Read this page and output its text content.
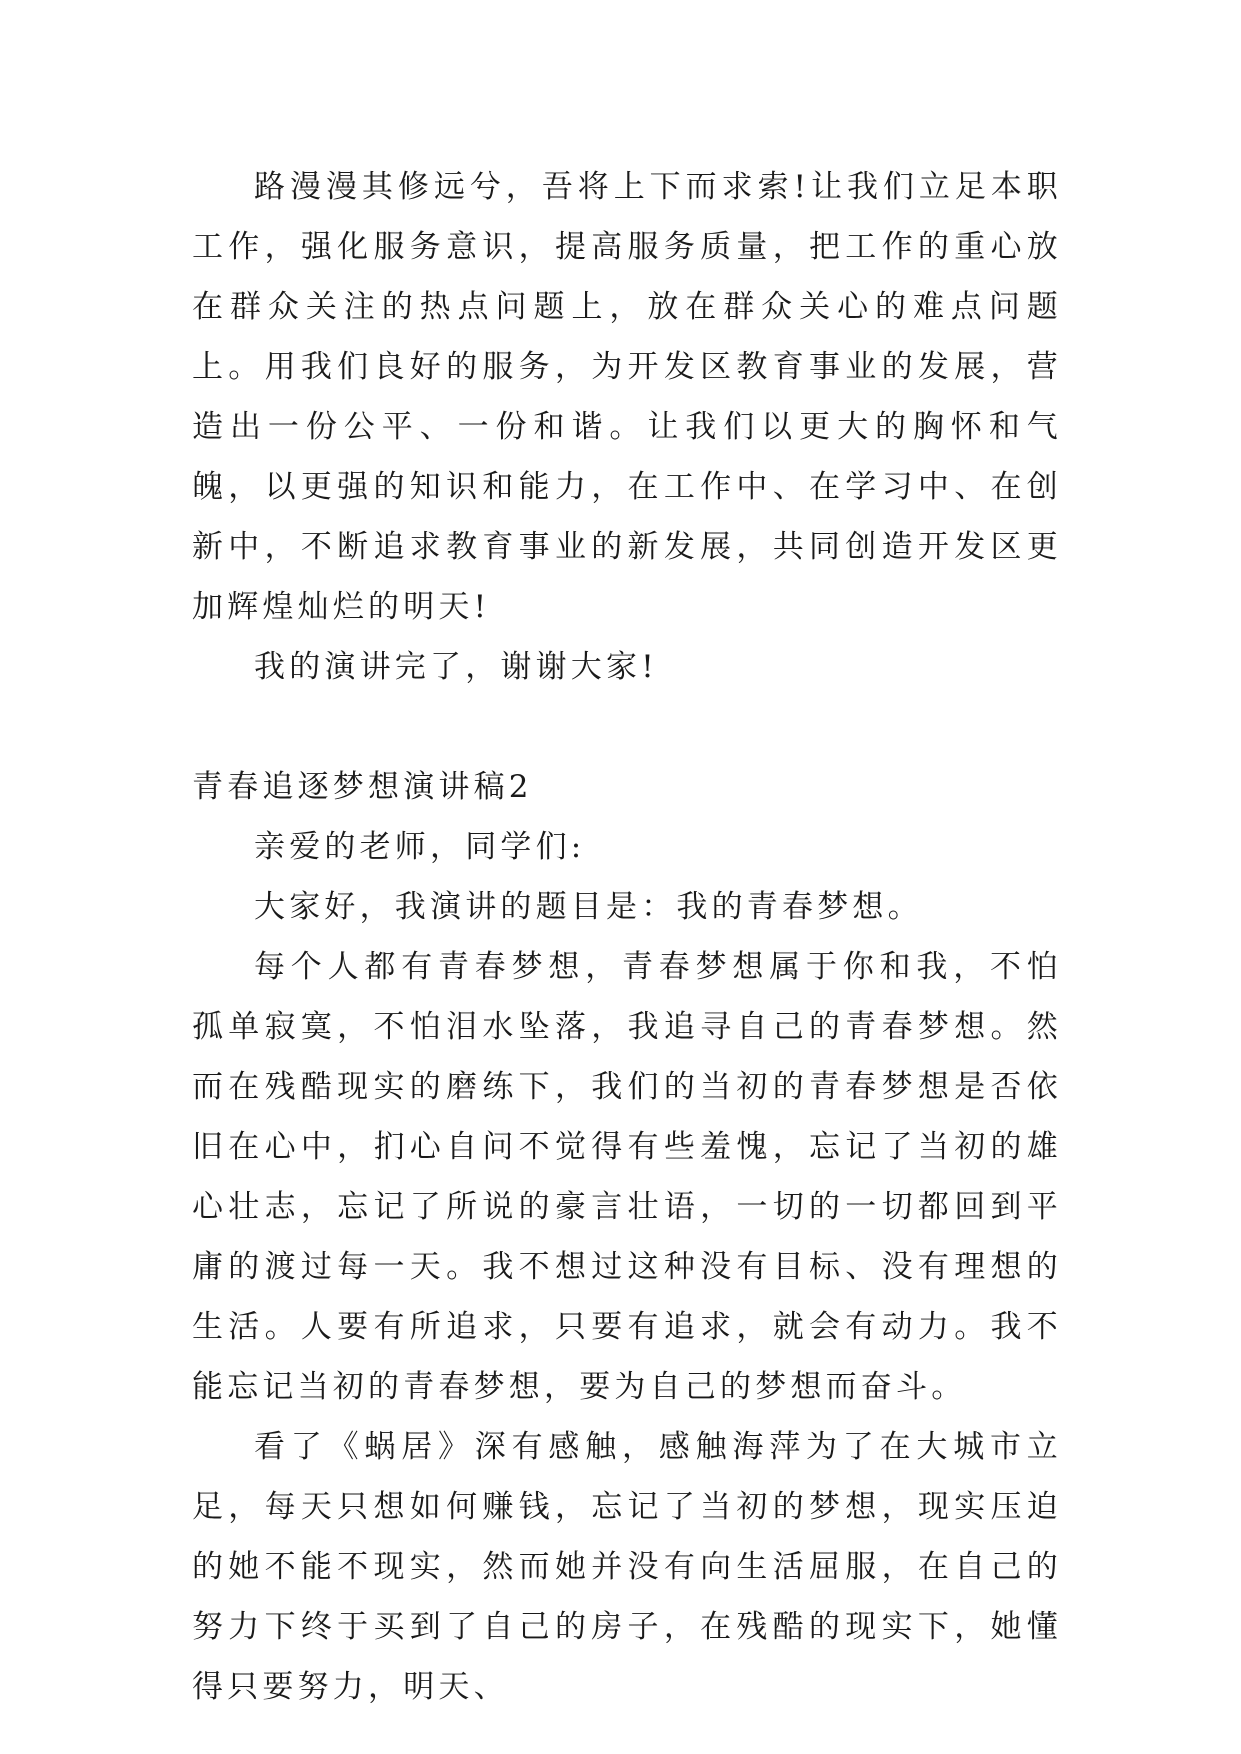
路漫漫其修远兮，吾将上下而求索!让我们立足本职工作，强化服务意识，提高服务质量，把工作的重心放在群众关注的热点问题上，放在群众关心的难点问题上。用我们良好的服务，为开发区教育事业的发展，营造出一份公平、一份和谐。让我们以更大的胸怀和气魄，以更强的知识和能力，在工作中、在学习中、在创新中，不断追求教育事业的新发展，共同创造开发区更加辉煌灿烂的明天!

我的演讲完了，谢谢大家!

青春追逐梦想演讲稿2

亲爱的老师，同学们:

大家好，我演讲的题目是：我的青春梦想。

每个人都有青春梦想，青春梦想属于你和我，不怕孤单寂寞，不怕泪水坠落，我追寻自己的青春梦想。然而在残酷现实的磨练下，我们的当初的青春梦想是否依旧在心中，扪心自问不觉得有些羞愧，忘记了当初的雄心壮志，忘记了所说的豪言壮语，一切的一切都回到平庸的渡过每一天。我不想过这种没有目标、没有理想的生活。人要有所追求，只要有追求，就会有动力。我不能忘记当初的青春梦想，要为自己的梦想而奋斗。

看了《蜗居》深有感触，感触海萍为了在大城市立足，每天只想如何赚钱，忘记了当初的梦想，现实压迫的她不能不现实，然而她并没有向生活屈服，在自己的努力下终于买到了自己的房子，在残酷的现实下，她懂得只要努力，明天、
